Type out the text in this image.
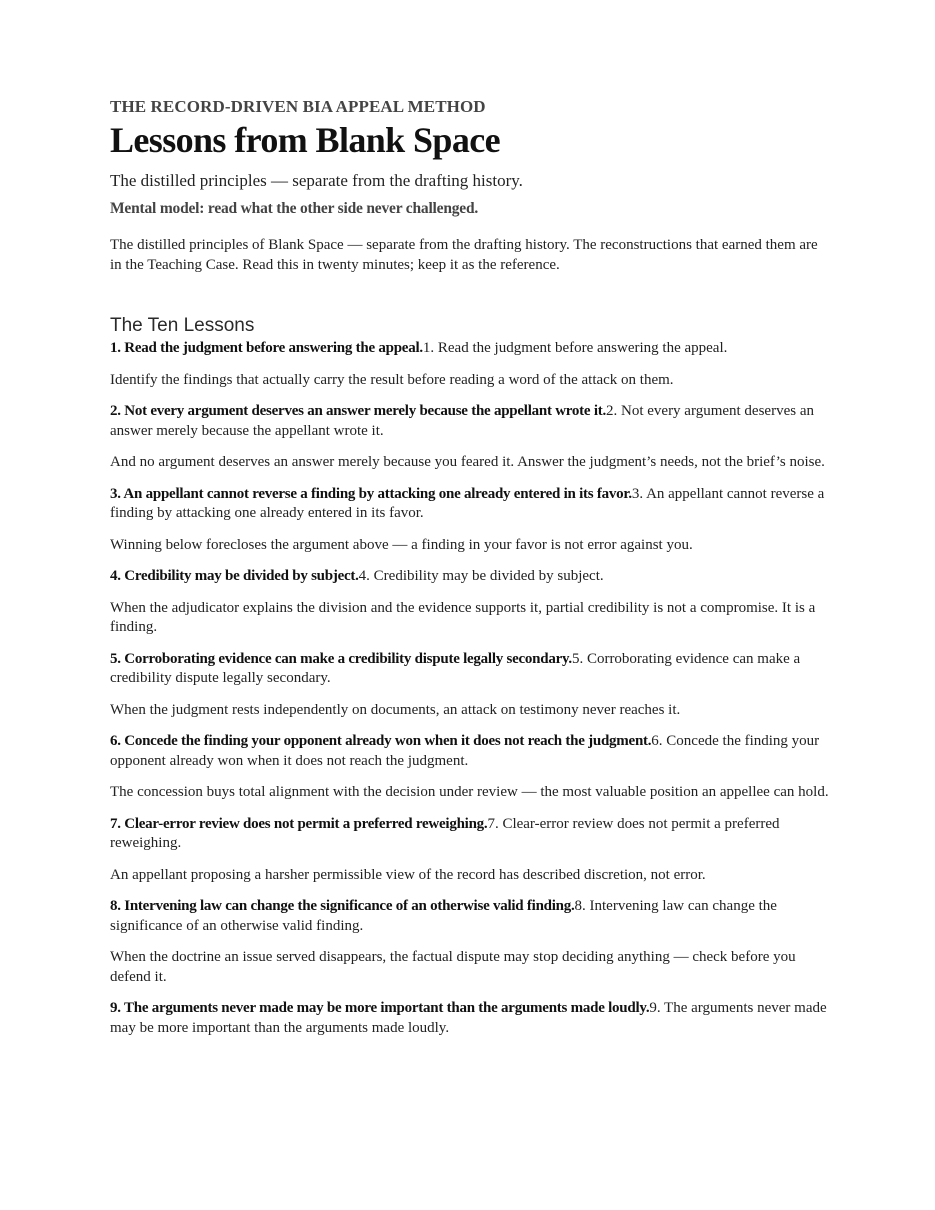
THE RECORD-DRIVEN BIA APPEAL METHOD

Lessons from Blank Space

The distilled principles — separate from the drafting history.

Mental model: read what the other side never challenged.

The distilled principles of Blank Space — separate from the drafting history. The reconstructions that earned them are in the Teaching Case. Read this in twenty minutes; keep it as the reference.

The Ten Lessons

1. Read the judgment before answering the appeal.1. Read the judgment before answering the appeal.

Identify the findings that actually carry the result before reading a word of the attack on them.

2. Not every argument deserves an answer merely because the appellant wrote it.2. Not every argument deserves an answer merely because the appellant wrote it.

And no argument deserves an answer merely because you feared it. Answer the judgment’s needs, not the brief’s noise.

3. An appellant cannot reverse a finding by attacking one already entered in its favor.3. An appellant cannot reverse a finding by attacking one already entered in its favor.

Winning below forecloses the argument above — a finding in your favor is not error against you.

4. Credibility may be divided by subject.4. Credibility may be divided by subject.

When the adjudicator explains the division and the evidence supports it, partial credibility is not a compromise. It is a finding.

5. Corroborating evidence can make a credibility dispute legally secondary.5. Corroborating evidence can make a credibility dispute legally secondary.

When the judgment rests independently on documents, an attack on testimony never reaches it.

6. Concede the finding your opponent already won when it does not reach the judgment.6. Concede the finding your opponent already won when it does not reach the judgment.

The concession buys total alignment with the decision under review — the most valuable position an appellee can hold.

7. Clear-error review does not permit a preferred reweighing.7. Clear-error review does not permit a preferred reweighing.

An appellant proposing a harsher permissible view of the record has described discretion, not error.

8. Intervening law can change the significance of an otherwise valid finding.8. Intervening law can change the significance of an otherwise valid finding.

When the doctrine an issue served disappears, the factual dispute may stop deciding anything — check before you defend it.

9. The arguments never made may be more important than the arguments made loudly.9. The arguments never made may be more important than the arguments made loudly.
